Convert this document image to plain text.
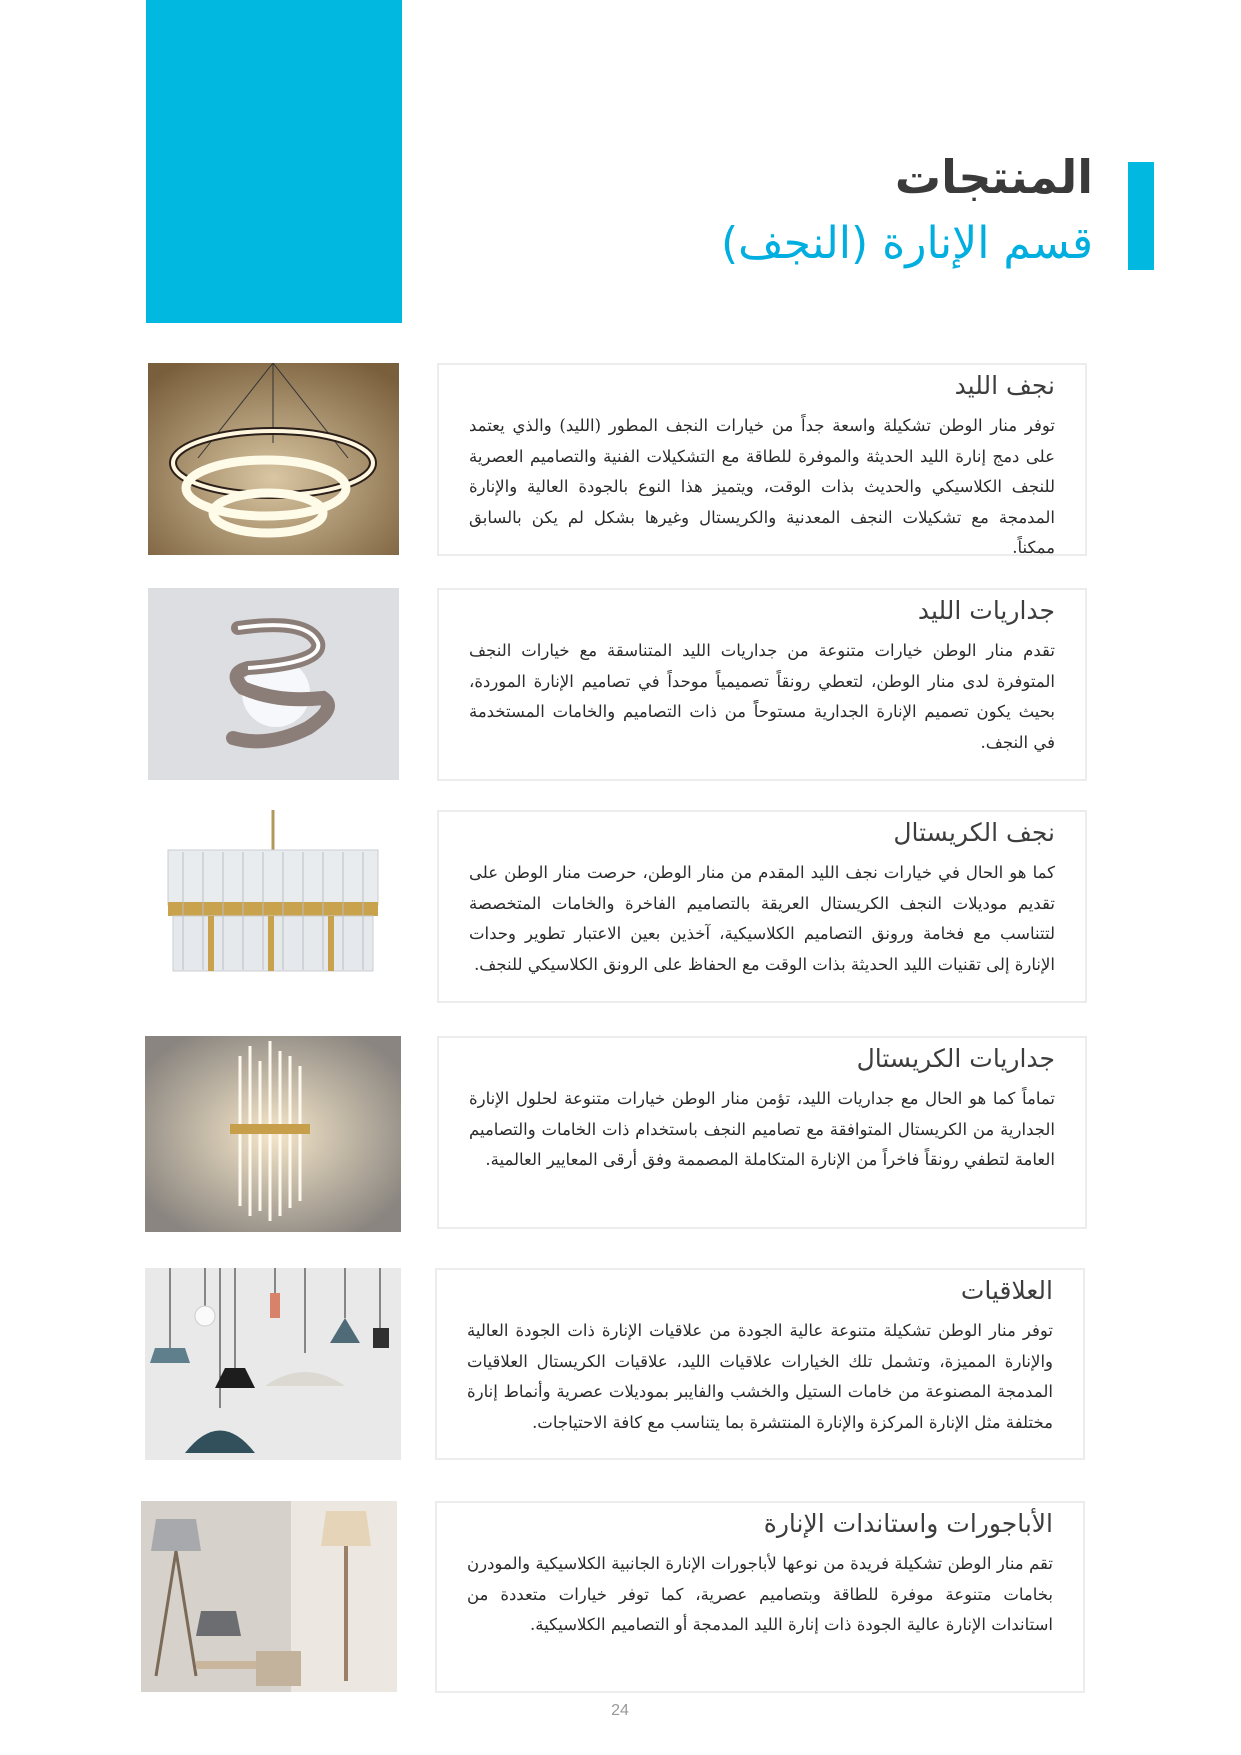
المنتجات
قسم الإنارة (النجف)
نجف الليد

توفر منار الوطن تشكيلة واسعة جداً من خيارات النجف المطور (الليد) والذي يعتمد على دمج إنارة الليد الحديثة والموفرة للطاقة مع التشكيلات الفنية والتصاميم العصرية للنجف الكلاسيكي والحديث بذات الوقت، ويتميز هذا النوع بالجودة العالية والإنارة المدمجة مع تشكيلات النجف المعدنية والكريستال وغيرها بشكل لم يكن بالسابق ممكناً.

جداريات الليد

تقدم منار الوطن خيارات متنوعة من جداريات الليد المتناسقة مع خيارات النجف المتوفرة لدى منار الوطن، لتعطي رونقاً تصميمياً موحداً في تصاميم الإنارة الموردة، بحيث يكون تصميم الإنارة الجدارية مستوحاًً من ذات التصاميم والخامات المستخدمة في النجف.

نجف الكريستال

كما هو الحال في خيارات نجف الليد المقدم من منار الوطن، حرصت منار الوطن على تقديم موديلات النجف الكريستال العريقة بالتصاميم الفاخرة والخامات المتخصصة لتتناسب مع فخامة ورونق التصاميم الكلاسيكية، آخذين بعين الاعتبار تطوير وحدات الإنارة إلى تقنيات الليد الحديثة بذات الوقت مع الحفاظ على الرونق الكلاسيكي للنجف.

جداريات الكريستال

تماماً كما هو الحال مع جداريات الليد، تؤمن منار الوطن خيارات متنوعة لحلول الإنارة الجدارية من الكريستال المتوافقة مع تصاميم النجف باستخدام ذات الخامات والتصاميم العامة لتطفي رونقاً فاخراً من الإنارة المتكاملة المصممة وفق أرقى المعايير العالمية.

العلاقيات

توفر منار الوطن تشكيلة متنوعة عالية الجودة من علاقيات الإنارة ذات الجودة العالية والإنارة المميزة، وتشمل تلك الخيارات علاقيات الليد، علاقيات الكريستال العلاقيات المدمجة المصنوعة من خامات الستيل والخشب والفايبر بموديلات عصرية وأنماط إنارة مختلفة مثل الإنارة المركزة والإنارة المنتشرة بما يتناسب مع كافة الاحتياجات.

الأباجورات واستاندات الإنارة

تقم منار الوطن تشكيلة فريدة من نوعها لأباجورات الإنارة الجانبية الكلاسيكية والمودرن بخامات متنوعة موفرة للطاقة وبتصاميم عصرية، كما توفر خيارات متعددة من استاندات الإنارة عالية الجودة ذات إنارة الليد المدمجة أو التصاميم الكلاسيكية.

24
